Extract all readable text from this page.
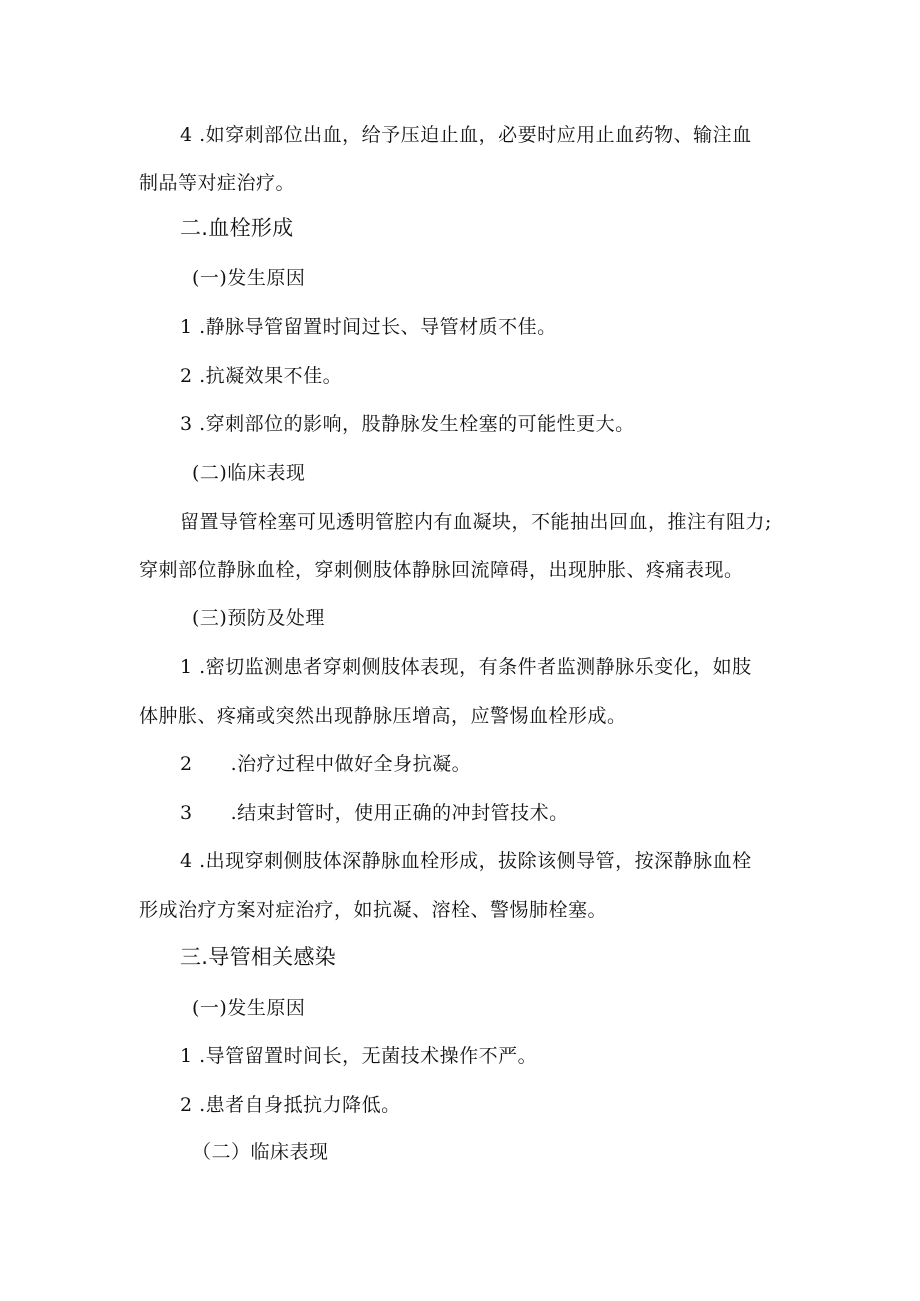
4 .如穿刺部位出血，给予压迫止血，必要时应用止血药物、输注血
制品等对症治疗。
二.血栓形成
(一)发生原因
1 .静脉导管留置时间过长、导管材质不佳。
2 .抗凝效果不佳。
3 .穿刺部位的影响，股静脉发生栓塞的可能性更大。
(二)临床表现
留置导管栓塞可见透明管腔内有血凝块，不能抽出回血，推注有阻力;
穿刺部位静脉血栓，穿刺侧肢体静脉回流障碍，出现肿胀、疼痛表现。
(三)预防及处理
1 .密切监测患者穿刺侧肢体表现，有条件者监测静脉乐变化，如肢
体肿胀、疼痛或突然出现静脉压增高，应警惕血栓形成。
2 .治疗过程中做好全身抗凝。
3 .结束封管时，使用正确的冲封管技术。
4 .出现穿刺侧肢体深静脉血栓形成，拔除该侧导管，按深静脉血栓
形成治疗方案对症治疗，如抗凝、溶栓、警惕肺栓塞。
三.导管相关感染
(一)发生原因
1 .导管留置时间长，无菌技术操作不严。
2 .患者自身抵抗力降低。
（二）临床表现
